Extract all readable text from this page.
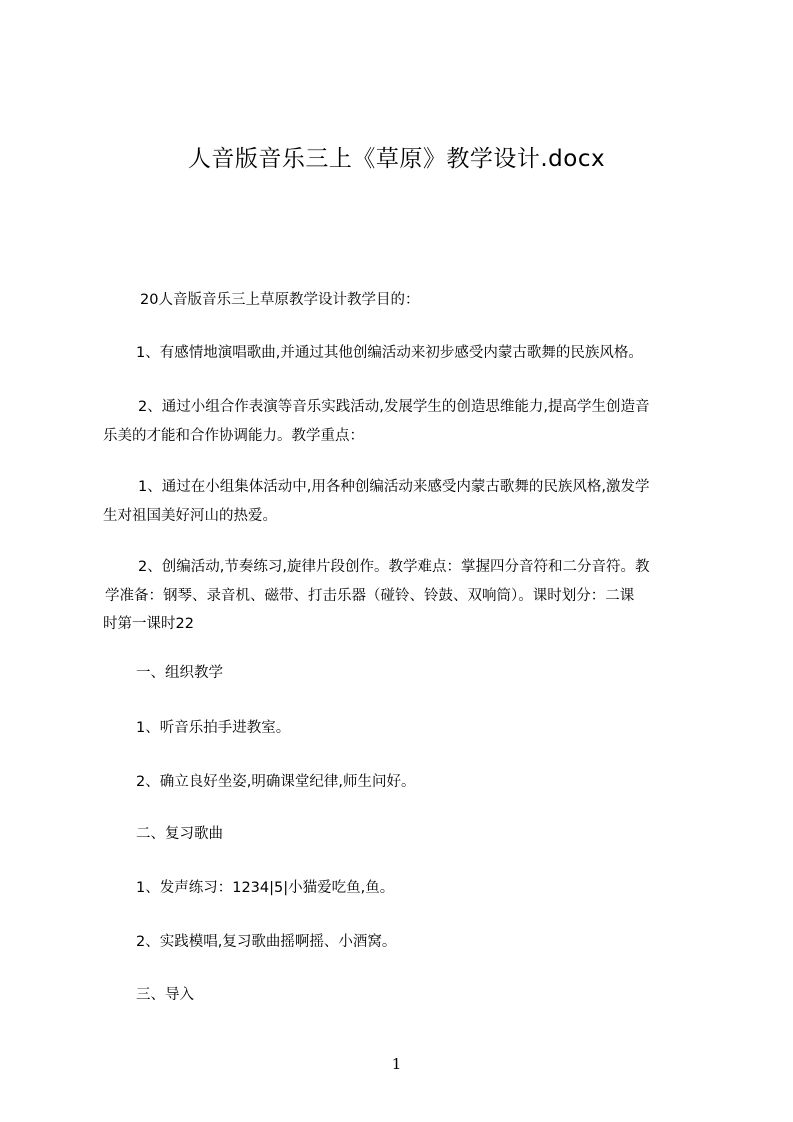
人音版音乐三上《草原》教学设计.docx
20人音版音乐三上草原教学设计教学目的：
1、有感情地演唱歌曲,并通过其他创编活动来初步感受内蒙古歌舞的民族风格。
2、通过小组合作表演等音乐实践活动,发展学生的创造思维能力,提高学生创造音
乐美的才能和合作协调能力。教学重点：
1、通过在小组集体活动中,用各种创编活动来感受内蒙古歌舞的民族风格,激发学
生对祖国美好河山的热爱。
2、创编活动,节奏练习,旋律片段创作。教学难点：掌握四分音符和二分音符。教
学准备：钢琴、录音机、磁带、打击乐器（碰铃、铃鼓、双响筒）。课时划分：二课
时第一课时22
一、组织教学
1、听音乐拍手进教室。
2、确立良好坐姿,明确课堂纪律,师生问好。
二、复习歌曲
1、发声练习：1234|5|小猫爱吃鱼,鱼。
2、实践模唱,复习歌曲摇啊摇、小酒窝。
三、导入
1
